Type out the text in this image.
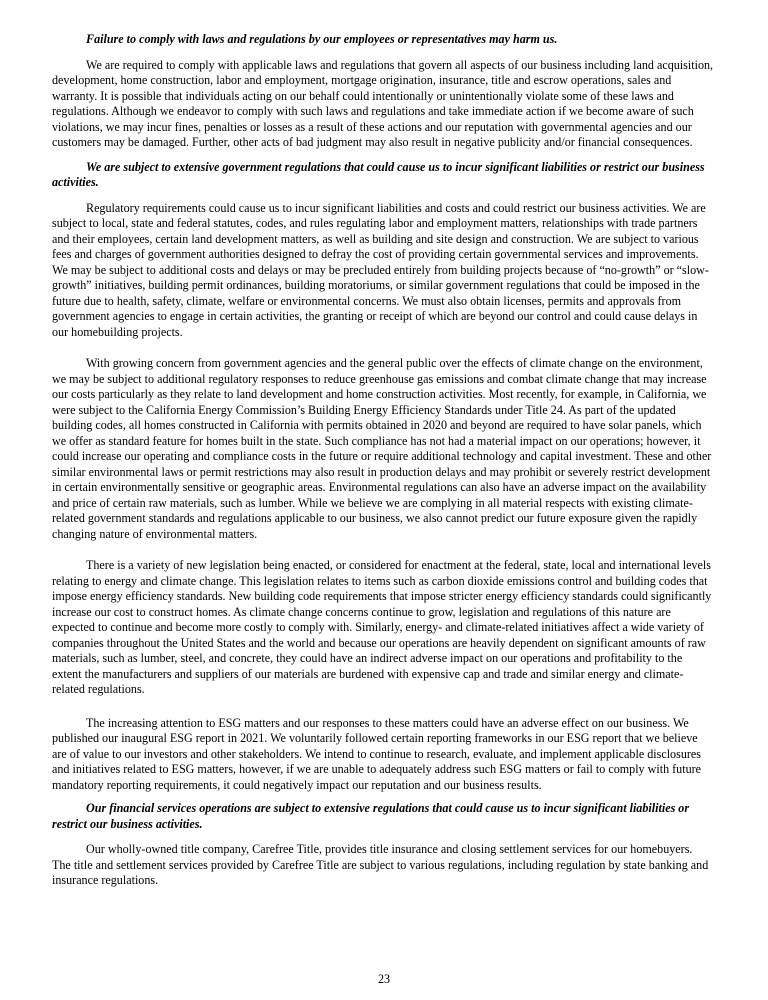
Failure to comply with laws and regulations by our employees or representatives may harm us.

We are required to comply with applicable laws and regulations that govern all aspects of our business including land acquisition, development, home construction, labor and employment, mortgage origination, insurance, title and escrow operations, sales and warranty. It is possible that individuals acting on our behalf could intentionally or unintentionally violate some of these laws and regulations. Although we endeavor to comply with such laws and regulations and take immediate action if we become aware of such violations, we may incur fines, penalties or losses as a result of these actions and our reputation with governmental agencies and our customers may be damaged. Further, other acts of bad judgment may also result in negative publicity and/or financial consequences.

We are subject to extensive government regulations that could cause us to incur significant liabilities or restrict our business activities.

Regulatory requirements could cause us to incur significant liabilities and costs and could restrict our business activities. We are subject to local, state and federal statutes, codes, and rules regulating labor and employment matters, relationships with trade partners and their employees, certain land development matters, as well as building and site design and construction. We are subject to various fees and charges of government authorities designed to defray the cost of providing certain governmental services and improvements. We may be subject to additional costs and delays or may be precluded entirely from building projects because of “no-growth” or “slow-growth” initiatives, building permit ordinances, building moratoriums, or similar government regulations that could be imposed in the future due to health, safety, climate, welfare or environmental concerns. We must also obtain licenses, permits and approvals from government agencies to engage in certain activities, the granting or receipt of which are beyond our control and could cause delays in our homebuilding projects.

With growing concern from government agencies and the general public over the effects of climate change on the environment, we may be subject to additional regulatory responses to reduce greenhouse gas emissions and combat climate change that may increase our costs particularly as they relate to land development and home construction activities. Most recently, for example, in California, we were subject to the California Energy Commission’s Building Energy Efficiency Standards under Title 24. As part of the updated building codes, all homes constructed in California with permits obtained in 2020 and beyond are required to have solar panels, which we offer as standard feature for homes built in the state. Such compliance has not had a material impact on our operations; however, it could increase our operating and compliance costs in the future or require additional technology and capital investment. These and other similar environmental laws or permit restrictions may also result in production delays and may prohibit or severely restrict development in certain environmentally sensitive or geographic areas. Environmental regulations can also have an adverse impact on the availability and price of certain raw materials, such as lumber. While we believe we are complying in all material respects with existing climate-related government standards and regulations applicable to our business, we also cannot predict our future exposure given the rapidly changing nature of environmental matters.

There is a variety of new legislation being enacted, or considered for enactment at the federal, state, local and international levels relating to energy and climate change. This legislation relates to items such as carbon dioxide emissions control and building codes that impose energy efficiency standards. New building code requirements that impose stricter energy efficiency standards could significantly increase our cost to construct homes. As climate change concerns continue to grow, legislation and regulations of this nature are expected to continue and become more costly to comply with. Similarly, energy- and climate-related initiatives affect a wide variety of companies throughout the United States and the world and because our operations are heavily dependent on significant amounts of raw materials, such as lumber, steel, and concrete, they could have an indirect adverse impact on our operations and profitability to the extent the manufacturers and suppliers of our materials are burdened with expensive cap and trade and similar energy and climate-related regulations.

The increasing attention to ESG matters and our responses to these matters could have an adverse effect on our business. We published our inaugural ESG report in 2021. We voluntarily followed certain reporting frameworks in our ESG report that we believe are of value to our investors and other stakeholders. We intend to continue to research, evaluate, and implement applicable disclosures and initiatives related to ESG matters, however, if we are unable to adequately address such ESG matters or fail to comply with future mandatory reporting requirements, it could negatively impact our reputation and our business results.

Our financial services operations are subject to extensive regulations that could cause us to incur significant liabilities or restrict our business activities.

Our wholly-owned title company, Carefree Title, provides title insurance and closing settlement services for our homebuyers. The title and settlement services provided by Carefree Title are subject to various regulations, including regulation by state banking and insurance regulations.

23
